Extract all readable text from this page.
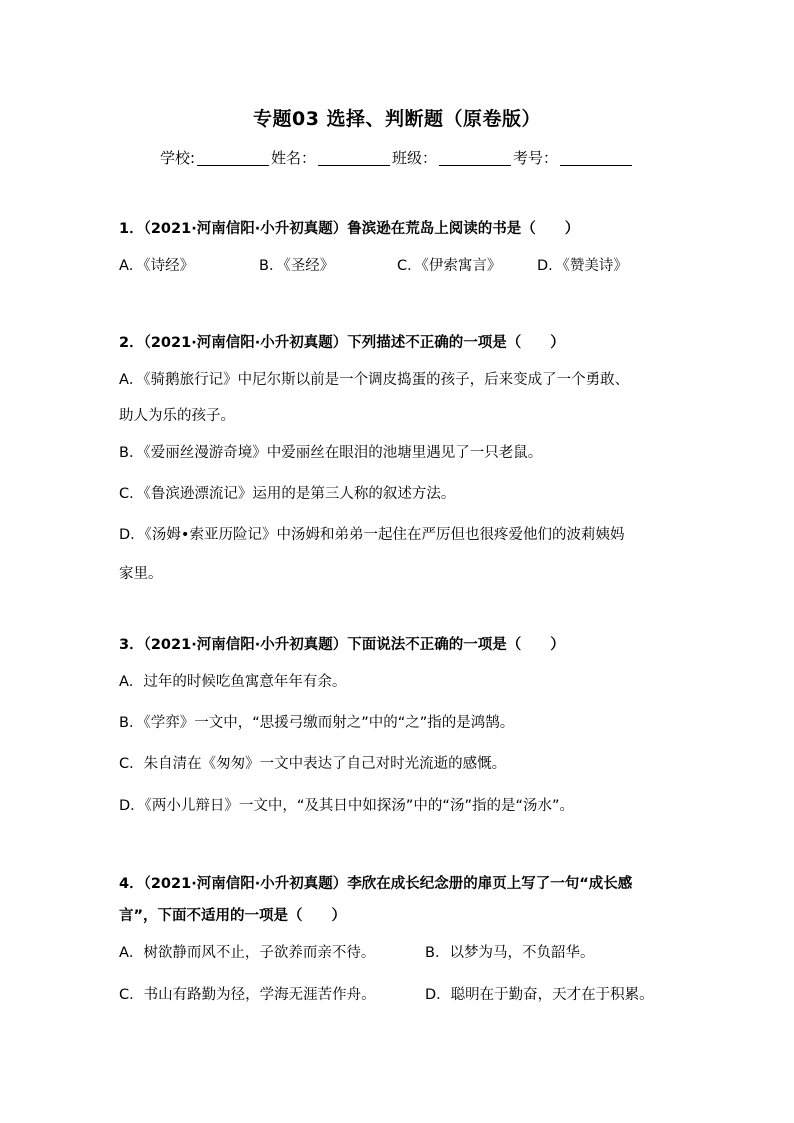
专题03 选择、判断题（原卷版）
学校:	姓名：	班级：	考号：
1．（2021·河南信阳·小升初真题）鲁滨逊在荒岛上阅读的书是（　　）
A．《诗经》	B．《圣经》	C．《伊索寓言》 D．《赞美诗》
2．（2021·河南信阳·小升初真题）下列描述不正确的一项是（　　）
A．《骑鹅旅行记》中尼尔斯以前是一个调皮捣蛋的孩子，后来变成了一个勇敢、
助人为乐的孩子。
B．《爱丽丝漫游奇境》中爱丽丝在眼泪的池塘里遇见了一只老鼠。
C．《鲁滨逊漂流记》运用的是第三人称的叙述方法。
D．《汤姆•索亚历险记》中汤姆和弟弟一起住在严厉但也很疼爱他们的波莉姨妈
家里。
3．（2021·河南信阳·小升初真题）下面说法不正确的一项是（　　）
A．过年的时候吃鱼寓意年年有余。
B．《学弈》一文中，“思援弓缴而射之”中的“之”指的是鸿鹄。
C．朱自清在《匆匆》一文中表达了自己对时光流逝的感慨。
D．《两小儿辩日》一文中，“及其日中如探汤”中的“汤”指的是“汤水”。
4．（2021·河南信阳·小升初真题）李欣在成长纪念册的扉页上写了一句“成长感
言”，下面不适用的一项是（　　）
A．树欲静而风不止，子欲养而亲不待。	B．以梦为马，不负韶华。
C．书山有路勤为径，学海无涯苦作舟。	D．聪明在于勤奋，天才在于积累。
